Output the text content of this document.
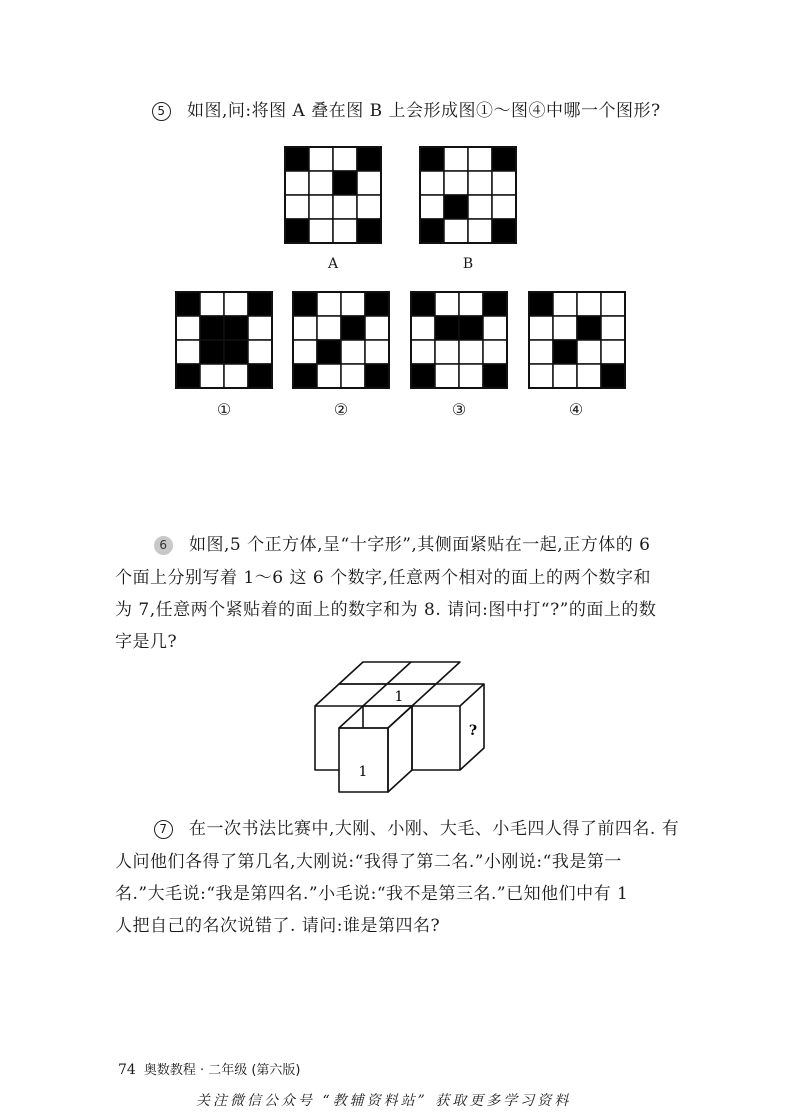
5 如图,问:将图 A 叠在图 B 上会形成图①～图④中哪一个图形?
A	B
①	②	③	④
6 如图,5 个正方体,呈“十字形”,其侧面紧贴在一起,正方体的 6
个面上分别写着 1～6 这 6 个数字,任意两个相对的面上的两个数字和
为 7,任意两个紧贴着的面上的数字和为 8. 请问:图中打“?”的面上的数
字是几?
1
1
?
7 在一次书法比赛中,大刚、小刚、大毛、小毛四人得了前四名. 有
人问他们各得了第几名,大刚说:“我得了第二名.”小刚说:“我是第一
名.”大毛说:“我是第四名.”小毛说:“我不是第三名.”已知他们中有 1
人把自己的名次说错了. 请问:谁是第四名?
74 奥数教程 · 二年级 (第六版)
关注微信公众号 “教辅资料站” 获取更多学习资料
